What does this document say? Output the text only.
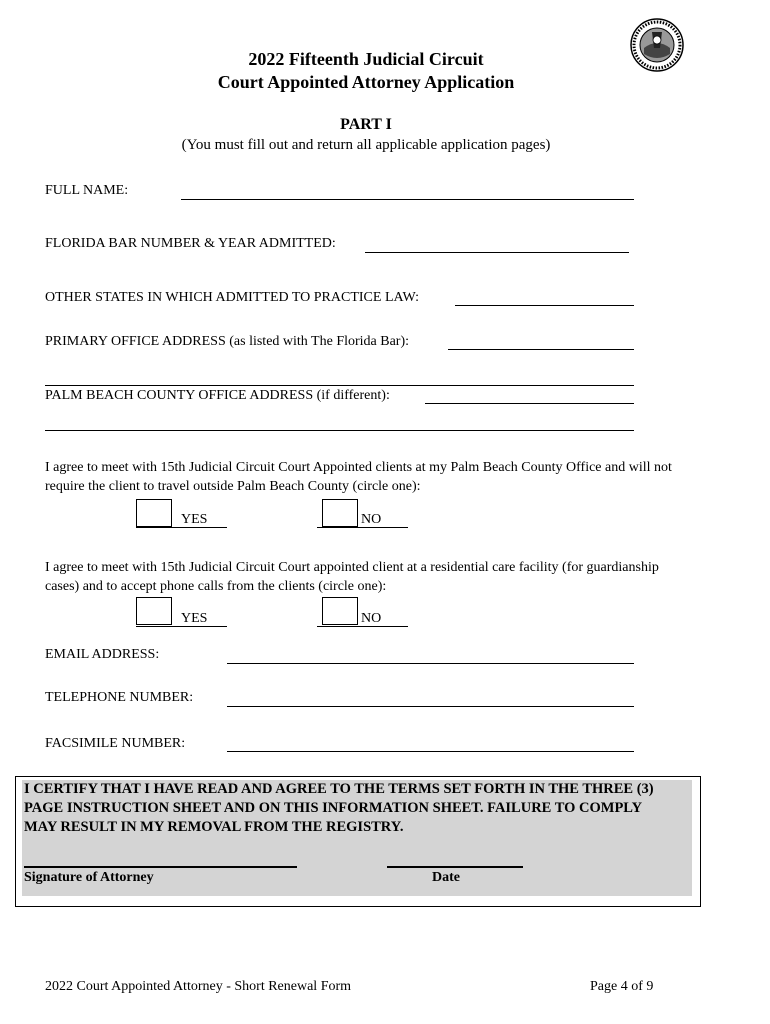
2022 Fifteenth Judicial Circuit
Court Appointed Attorney Application
PART I
(You must fill out and return all applicable application pages)
FULL NAME:
FLORIDA BAR NUMBER & YEAR ADMITTED:
OTHER STATES IN WHICH ADMITTED TO PRACTICE LAW:
PRIMARY OFFICE ADDRESS (as listed with The Florida Bar):
PALM BEACH COUNTY OFFICE ADDRESS (if different):
I agree to meet with 15th Judicial Circuit Court Appointed clients at my Palm Beach County Office and will not
require the client to travel outside Palm Beach County (circle one):
YES	NO
I agree to meet with 15th Judicial Circuit Court appointed client at a residential care facility (for guardianship
cases) and to accept phone calls from the clients (circle one):
YES	NO
EMAIL ADDRESS:
TELEPHONE NUMBER:
FACSIMILE NUMBER:
I CERTIFY THAT I HAVE READ AND AGREE TO THE TERMS SET FORTH IN THE THREE (3)
PAGE INSTRUCTION SHEET AND ON THIS INFORMATION SHEET. FAILURE TO COMPLY
MAY RESULT IN MY REMOVAL FROM THE REGISTRY.
Signature of Attorney	Date
2022 Court Appointed Attorney - Short Renewal Form	Page 4 of 9
